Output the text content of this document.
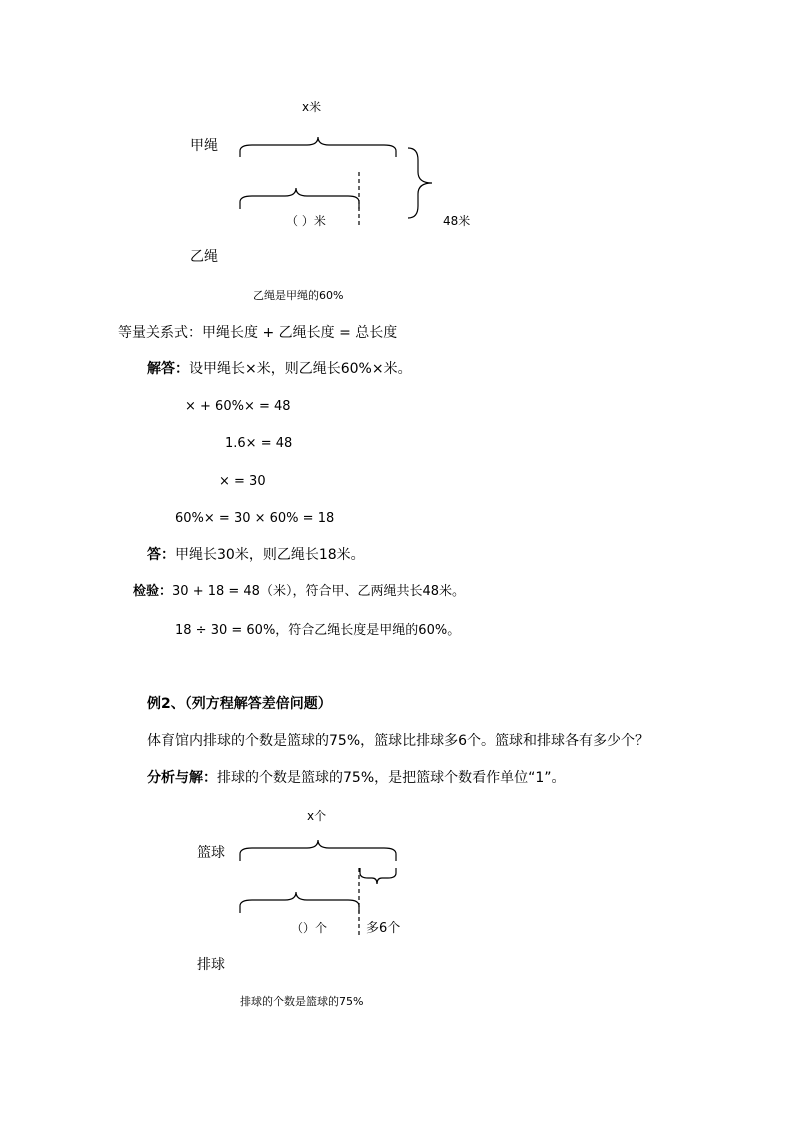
x米
甲绳
（ ）米	48米
乙绳
乙绳是甲绳的60%
等量关系式：甲绳长度 + 乙绳长度 = 总长度
解答：设甲绳长×米，则乙绳长60%×米。
× + 60%× = 48
1.6× = 48
× = 30
60%× = 30 × 60% = 18
答：甲绳长30米，则乙绳长18米。
检验：30 + 18 = 48（米），符合甲、乙两绳共长48米。
18 ÷ 30 = 60%，符合乙绳长度是甲绳的60%。
例2、（列方程解答差倍问题）
体育馆内排球的个数是篮球的75%，篮球比排球多6个。篮球和排球各有多少个？
分析与解：排球的个数是篮球的75%，是把篮球个数看作单位“1”。
x个
篮球
（）个	多6个
排球
排球的个数是篮球的75%
